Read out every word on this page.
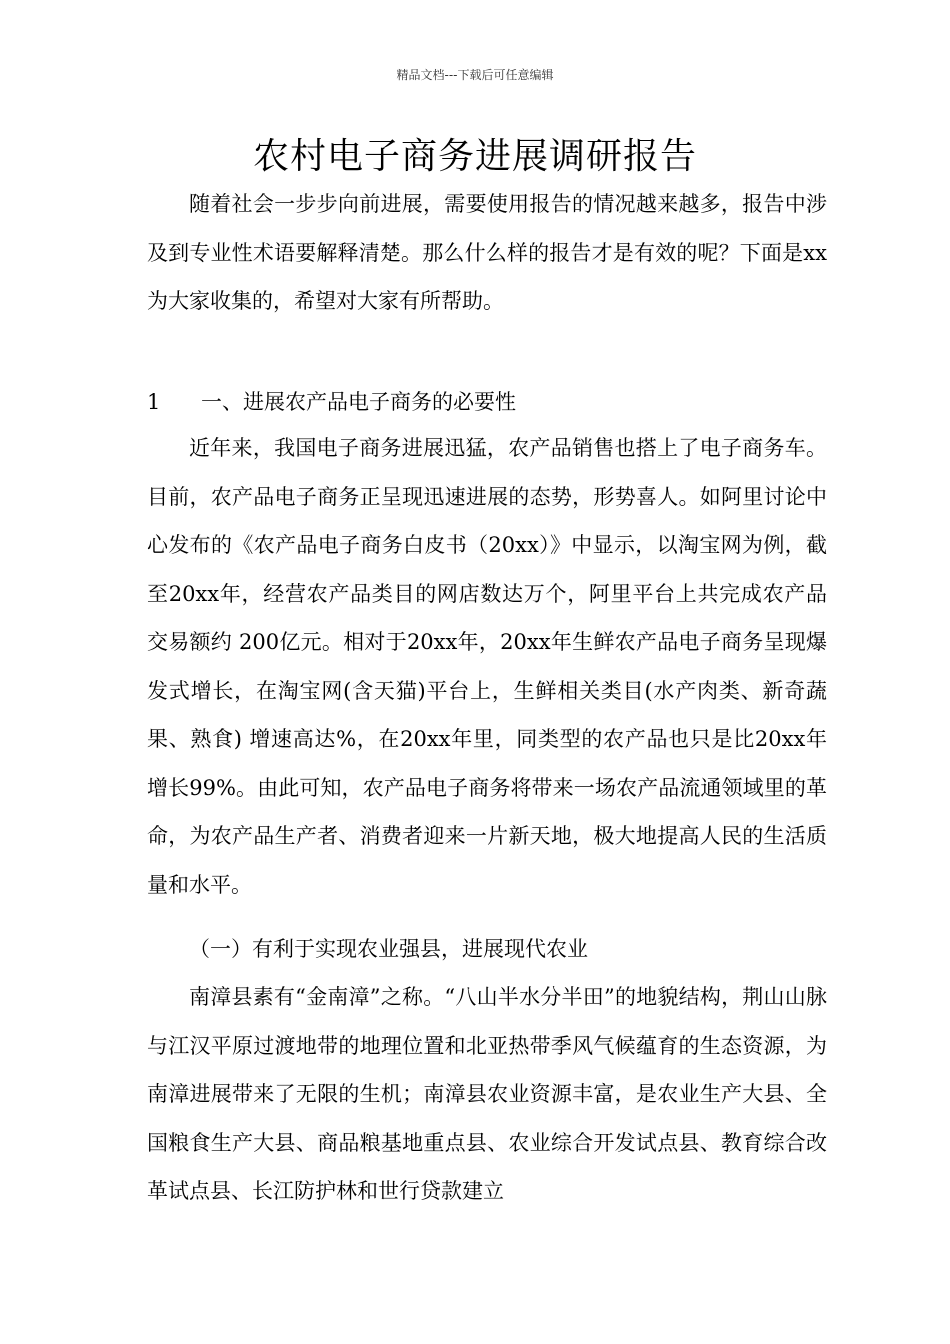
精品文档---下载后可任意编辑
农村电子商务进展调研报告

随着社会一步步向前进展，需要使用报告的情况越来越多，报告中涉及到专业性术语要解释清楚。那么什么样的报告才是有效的呢？下面是xx为大家收集的，希望对大家有所帮助。

1 一、进展农产品电子商务的必要性

近年来，我国电子商务进展迅猛，农产品销售也搭上了电子商务车。目前，农产品电子商务正呈现迅速进展的态势，形势喜人。如阿里讨论中心发布的《农产品电子商务白皮书（20xx）》中显示，以淘宝网为例，截至20xx年，经营农产品类目的网店数达万个，阿里平台上共完成农产品交易额约 200亿元。相对于20xx年，20xx年生鲜农产品电子商务呈现爆发式增长，在淘宝网(含天猫)平台上，生鲜相关类目(水产肉类、新奇蔬果、熟食) 增速高达%，在20xx年里，同类型的农产品也只是比20xx年增长99%。由此可知，农产品电子商务将带来一场农产品流通领域里的革命，为农产品生产者、消费者迎来一片新天地，极大地提高人民的生活质量和水平。

（一）有利于实现农业强县，进展现代农业

南漳县素有“金南漳”之称。“八山半水分半田”的地貌结构，荆山山脉与江汉平原过渡地带的地理位置和北亚热带季风气候蕴育的生态资源，为南漳进展带来了无限的生机；南漳县农业资源丰富，是农业生产大县、全国粮食生产大县、商品粮基地重点县、农业综合开发试点县、教育综合改革试点县、长江防护林和世行贷款建立
